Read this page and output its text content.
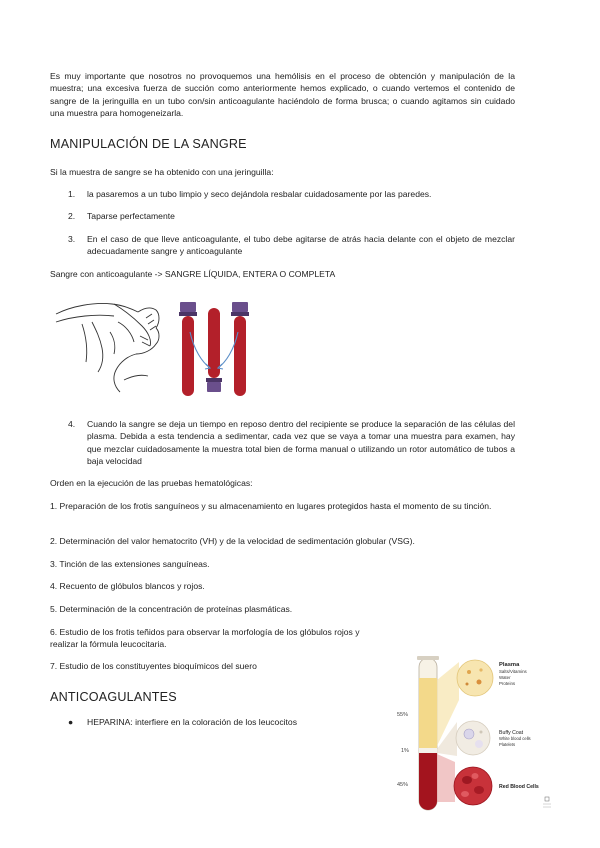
Es muy importante que nosotros no provoquemos una hemólisis en el proceso de obtención y manipulación de la muestra; una excesiva fuerza de succión como anteriormente hemos explicado, o cuando vertemos el contenido de sangre de la jeringuilla en un tubo con/sin anticoagulante haciéndolo de forma brusca; o cuando agitamos sin cuidado una muestra para homogeneizarla.

MANIPULACIÓN DE LA SANGRE

Si la muestra de sangre se ha obtenido con una jeringuilla:

1.	la pasaremos a un tubo limpio y seco dejándola resbalar cuidadosamente por las paredes.
2.	Taparse perfectamente
3.	En el caso de que lleve anticoagulante, el tubo debe agitarse de atrás hacia delante con el objeto de mezclar adecuadamente sangre y anticoagulante

Sangre con anticoagulante -> SANGRE LÍQUIDA, ENTERA O COMPLETA

4.	Cuando la sangre se deja un tiempo en reposo dentro del recipiente se produce la separación de las células del plasma. Debida a esta tendencia a sedimentar, cada vez que se vaya a tomar una muestra para examen, hay que mezclar cuidadosamente la muestra total bien de forma manual o utilizando un rotor automático de tubos a baja velocidad

Orden en la ejecución de las pruebas hematológicas:

1. Preparación de los frotis sanguíneos y su almacenamiento en lugares protegidos hasta el momento de su tinción.

2. Determinación del valor hematocrito (VH) y de la velocidad de sedimentación globular (VSG).

3. Tinción de las extensiones sanguíneas.

4. Recuento de glóbulos blancos y rojos.

5. Determinación de la concentración de proteínas plasmáticas.

6. Estudio de los frotis teñidos para observar la morfología de los glóbulos rojos y realizar la fórmula leucocitaria.

7. Estudio de los constituyentes bioquímicos del suero

ANTICOAGULANTES
● HEPARINA: interfiere en la coloración de los leucocitos
55%
1%
45%
Plasma
Salts/Vitamins
Water
Proteins
Buffy Coat
White blood cells
Platelets
Red Blood Cells
